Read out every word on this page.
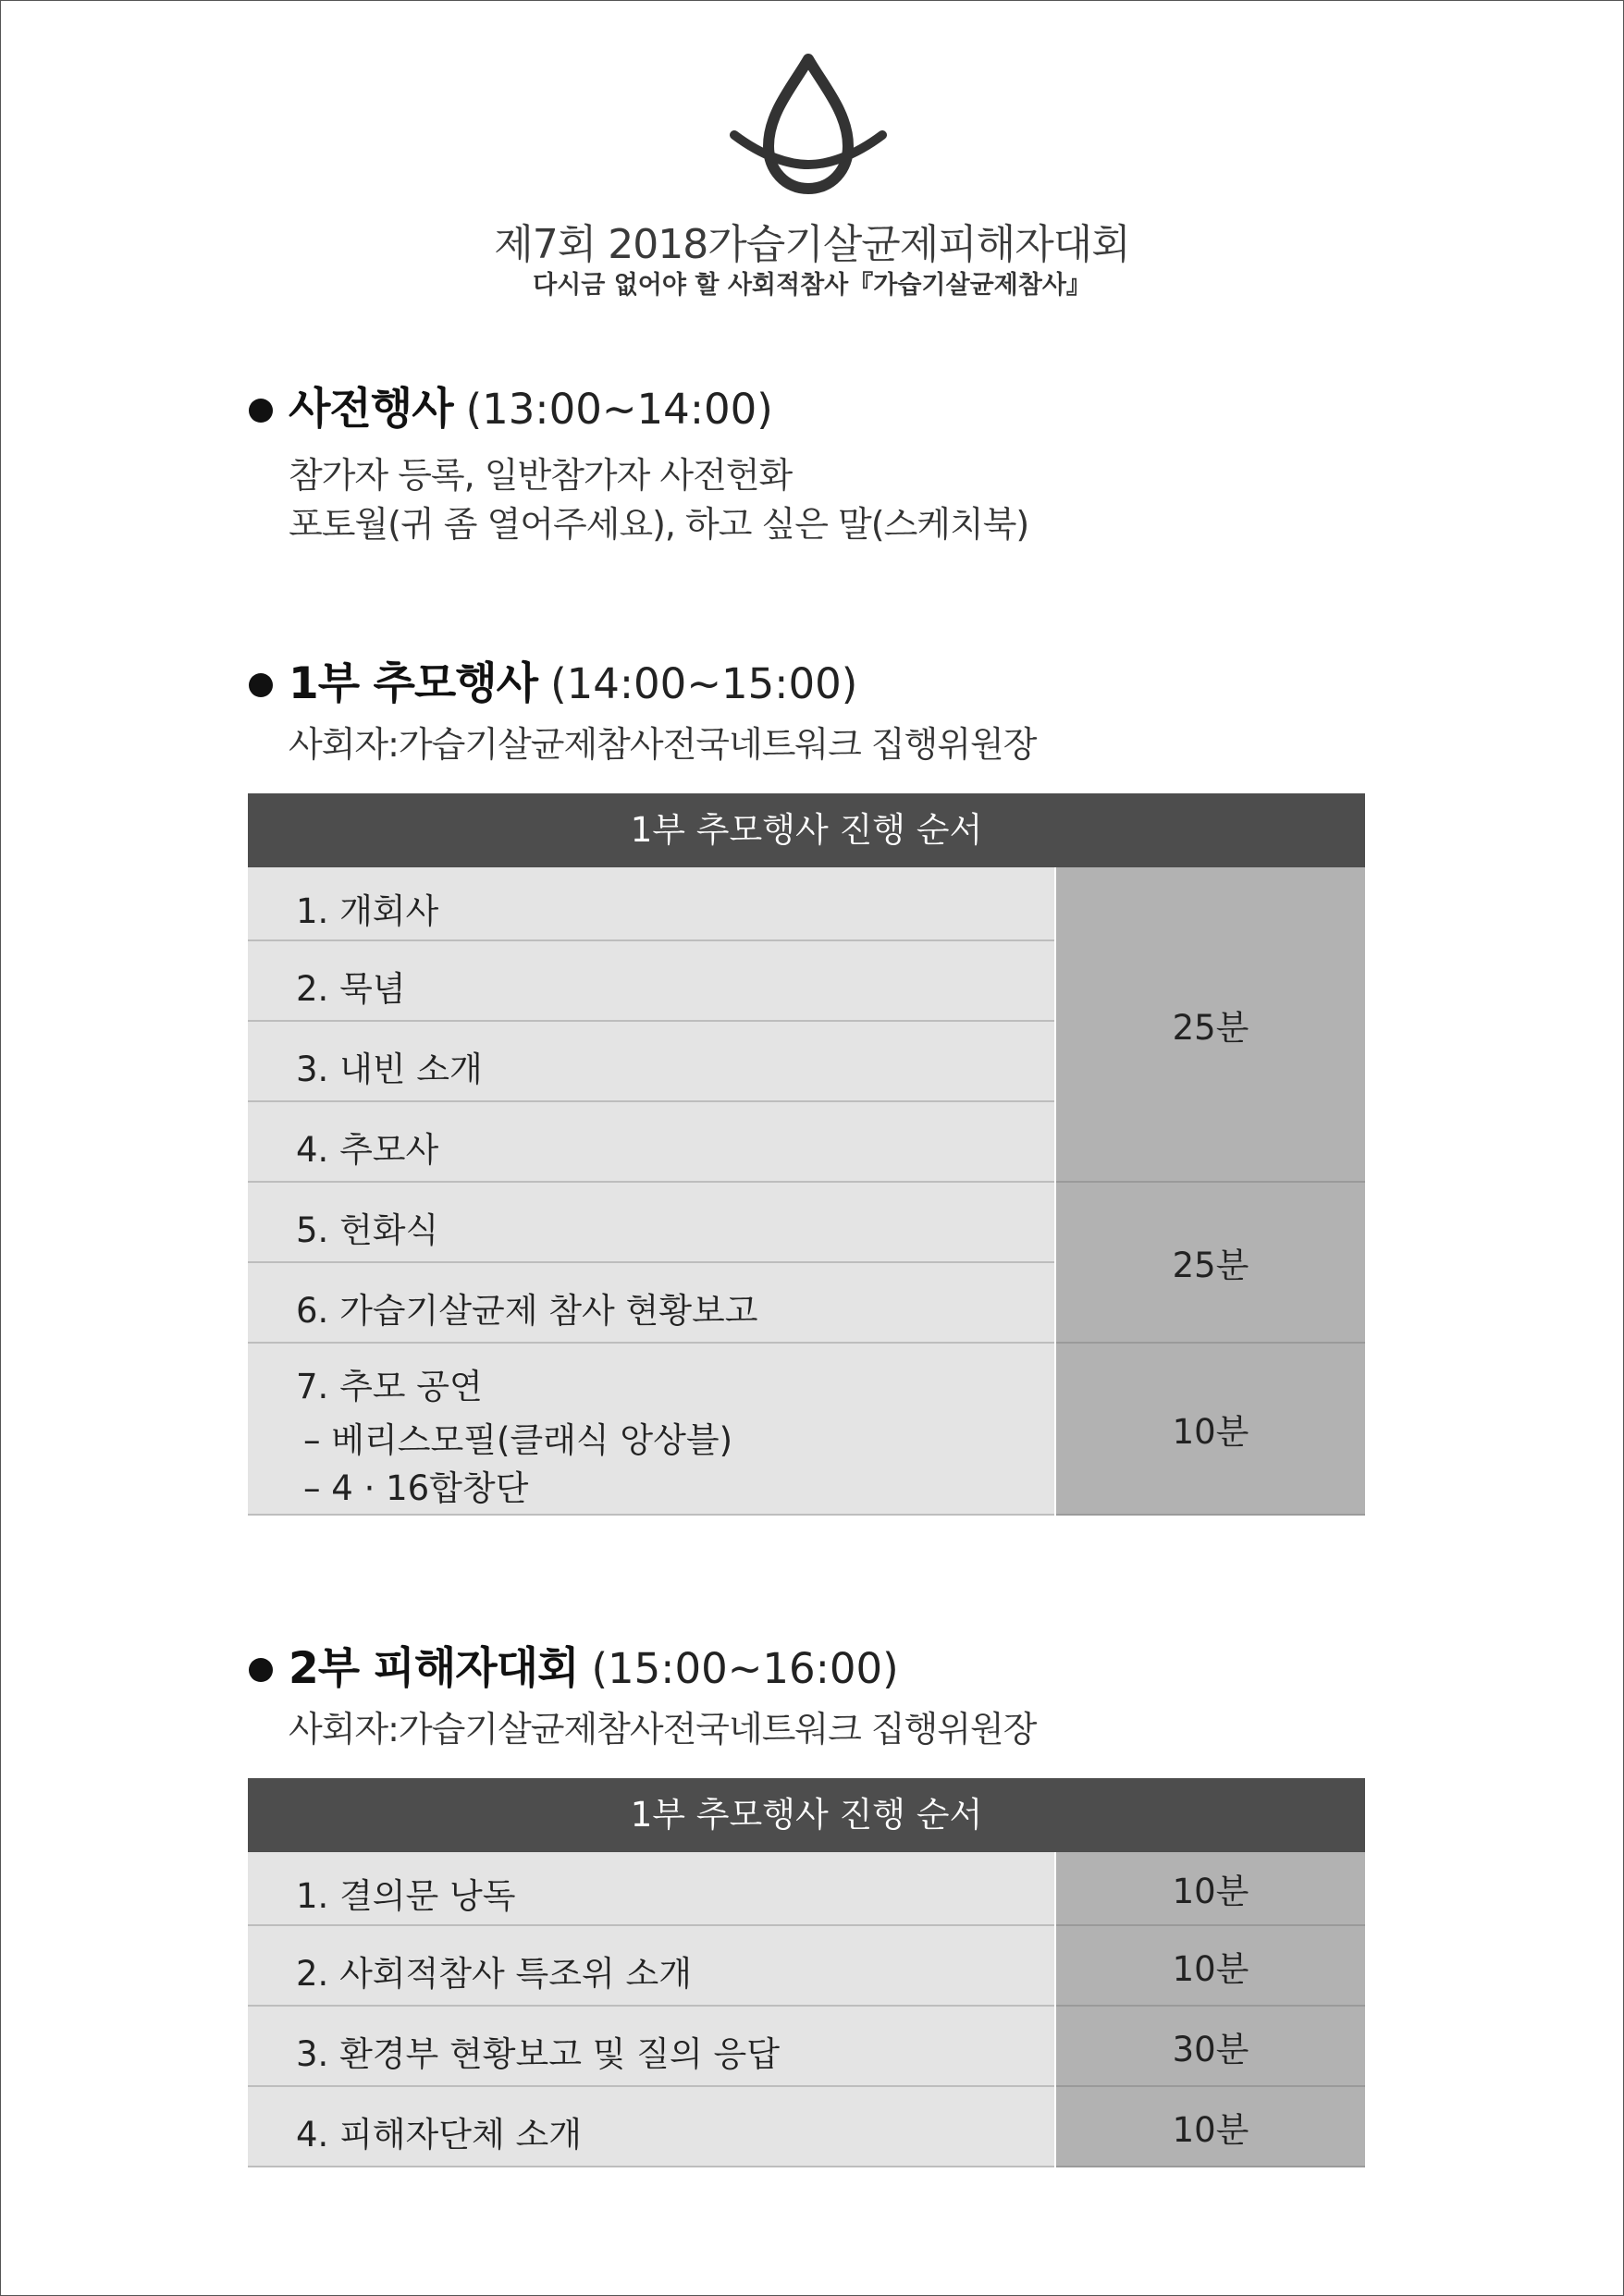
제7회 2018가습기살균제피해자대회
다시금 없어야 할 사회적참사『가습기살균제참사』
사전행사 (13:00~14:00)
참가자 등록, 일반참가자 사전헌화
포토월(귀 좀 열어주세요), 하고 싶은 말(스케치북)
1부 추모행사 (14:00~15:00)
사회자:가습기살균제참사전국네트워크 집행위원장
1부 추모행사 진행 순서
1. 개회사
2. 묵념
3. 내빈 소개
4. 추모사
5. 헌화식
6. 가습기살균제 참사 현황보고
7. 추모 공연
– 베리스모필(클래식 앙상블)
– 4 · 16합창단
25분
25분
10분
2부 피해자대회 (15:00~16:00)
사회자:가습기살균제참사전국네트워크 집행위원장
1부 추모행사 진행 순서
1. 결의문 낭독
2. 사회적참사 특조위 소개
3. 환경부 현황보고 및 질의 응답
4. 피해자단체 소개
10분
10분
30분
10분
